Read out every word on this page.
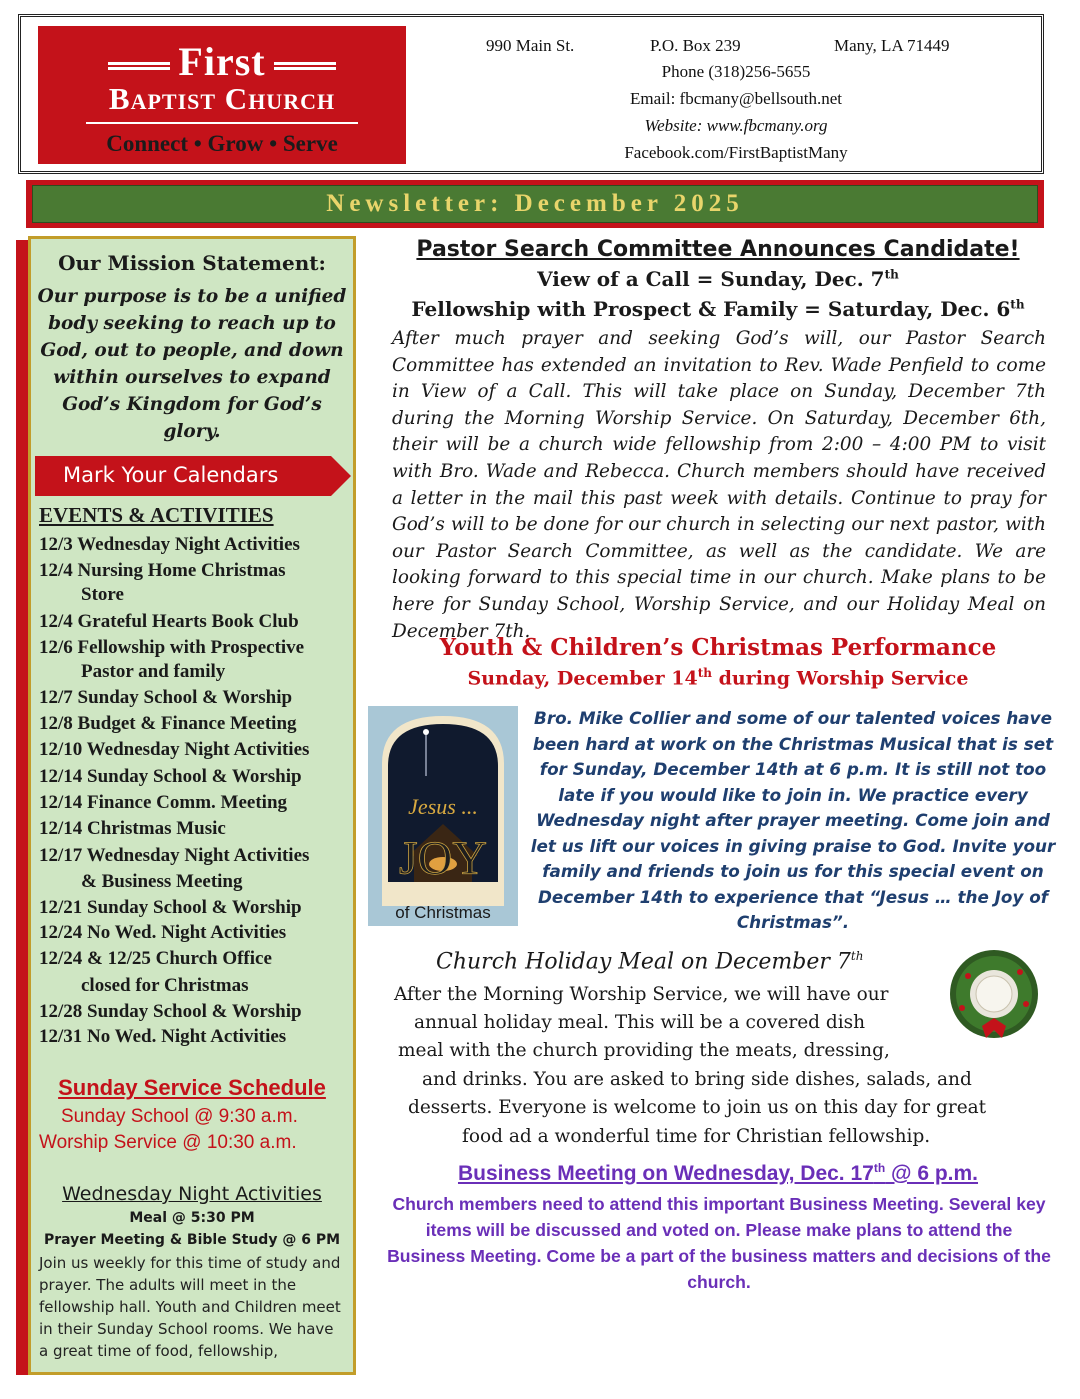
First
Baptist Church
Connect • Grow • Serve
990 Main St.	P.O. Box 239	Many, LA 71449
Phone (318)256-5655
Email: fbcmany@bellsouth.net
Website: www.fbcmany.org
Facebook.com/FirstBaptistMany
Newsletter: December 2025
Our Mission Statement:
Our purpose is to be a unified body seeking to reach up to God, out to people, and down within ourselves to expand God’s Kingdom for God’s glory.
Mark Your Calendars
EVENTS & ACTIVITIES
12/3 Wednesday Night Activities
12/4 Nursing Home Christmas
Store
12/4 Grateful Hearts Book Club
12/6 Fellowship with Prospective
Pastor and family
12/7 Sunday School & Worship
12/8 Budget & Finance Meeting
12/10 Wednesday Night Activities
12/14 Sunday School & Worship
12/14 Finance Comm. Meeting
12/14 Christmas Music
12/17 Wednesday Night Activities
& Business Meeting
12/21 Sunday School & Worship
12/24 No Wed. Night Activities
12/24 & 12/25 Church Office
closed for Christmas
12/28 Sunday School & Worship
12/31 No Wed. Night Activities
Sunday Service Schedule
Sunday School @ 9:30 a.m.
Worship Service @ 10:30 a.m.
Wednesday Night Activities
Meal @ 5:30 PM
Prayer Meeting & Bible Study @ 6 PM
Join us weekly for this time of study and prayer. The adults will meet in the fellowship hall. Youth and Children meet in their Sunday School rooms. We have a great time of food, fellowship,
Pastor Search Committee Announces Candidate!
View of a Call = Sunday, Dec. 7th
Fellowship with Prospect & Family = Saturday, Dec. 6th
After much prayer and seeking God’s will, our Pastor Search Committee has extended an invitation to Rev. Wade Penfield to come in View of a Call. This will take place on Sunday, December 7th during the Morning Worship Service. On Saturday, December 6th, their will be a church wide fellowship from 2:00 – 4:00 PM to visit with Bro. Wade and Rebecca. Church members should have received a letter in the mail this past week with details. Continue to pray for God’s will to be done for our church in selecting our next pastor, with our Pastor Search Committee, as well as the candidate. We are looking forward to this special time in our church. Make plans to be here for Sunday School, Worship Service, and our Holiday Meal on December 7th.
Youth & Children’s Christmas Performance
Sunday, December 14th during Worship Service
Jesus ...
JOY
of Christmas
Bro. Mike Collier and some of our talented voices have been hard at work on the Christmas Musical that is set for Sunday, December 14th at 6 p.m. It is still not too late if you would like to join in. We practice every Wednesday night after prayer meeting. Come join and let us lift our voices in giving praise to God. Invite your family and friends to join us for this special event on December 14th to experience that “Jesus … the Joy of Christmas”.
Church Holiday Meal on December 7th
After the Morning Worship Service, we will have our
annual holiday meal. This will be a covered dish
meal with the church providing the meats, dressing,
and drinks. You are asked to bring side dishes, salads, and
desserts. Everyone is welcome to join us on this day for great
food ad a wonderful time for Christian fellowship.
Business Meeting on Wednesday, Dec. 17th @ 6 p.m.
Church members need to attend this important Business Meeting. Several key items will be discussed and voted on. Please make plans to attend the Business Meeting. Come be a part of the business matters and decisions of the church.
